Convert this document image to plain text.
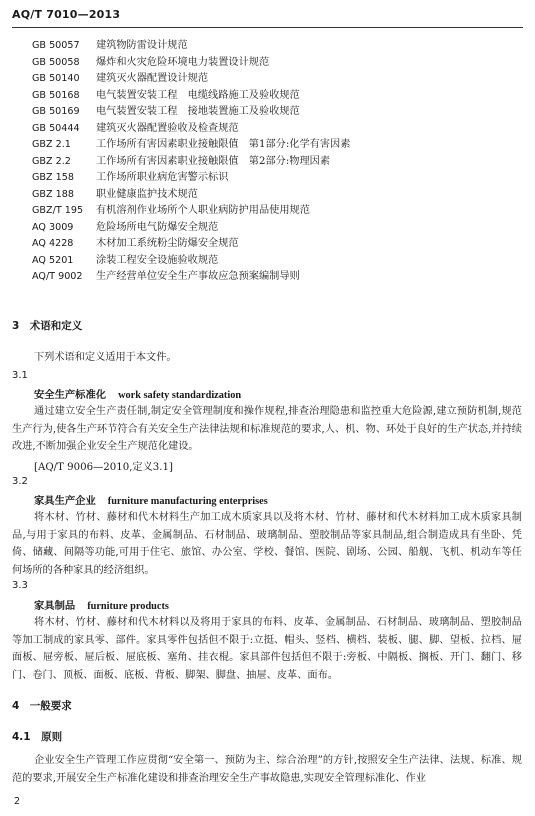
AQ/T 7010—2013
GB 50057 建筑物防雷设计规范
GB 50058 爆炸和火灾危险环境电力装置设计规范
GB 50140 建筑灭火器配置设计规范
GB 50168 电气装置安装工程　电缆线路施工及验收规范
GB 50169 电气装置安装工程　接地装置施工及验收规范
GB 50444 建筑灭火器配置验收及检查规范
GBZ 2.1 工作场所有害因素职业接触限值　第1部分:化学有害因素
GBZ 2.2 工作场所有害因素职业接触限值　第2部分:物理因素
GBZ 158 工作场所职业病危害警示标识
GBZ 188 职业健康监护技术规范
GBZ/T 195 有机溶剂作业场所个人职业病防护用品使用规范
AQ 3009 危险场所电气防爆安全规范
AQ 4228 木材加工系统粉尘防爆安全规范
AQ 5201 涂装工程安全设施验收规范
AQ/T 9002 生产经营单位安全生产事故应急预案编制导则
3　术语和定义
下列术语和定义适用于本文件。
3.1
安全生产标准化 work safety standardization
通过建立安全生产责任制,制定安全管理制度和操作规程,排查治理隐患和监控重大危险源,建立预防机制,规范生产行为,使各生产环节符合有关安全生产法律法规和标准规范的要求,人、机、物、环处于良好的生产状态,并持续改进,不断加强企业安全生产规范化建设。
[AQ/T 9006—2010,定义3.1]
3.2
家具生产企业 furniture manufacturing enterprises
将木材、竹材、藤材和代木材料生产加工成木质家具以及将木材、竹材、藤材和代木材料加工成木质家具制品,与用于家具的布料、皮革、金属制品、石材制品、玻璃制品、塑胶制品等家具制品,组合制造成具有坐卧、凭倚、储藏、间隔等功能,可用于住宅、旅馆、办公室、学校、餐馆、医院、剧场、公园、船舰、飞机、机动车等任何场所的各种家具的经济组织。
3.3
家具制品 furniture products
将木材、竹材、藤材和代木材料以及将用于家具的布料、皮革、金属制品、石材制品、玻璃制品、塑胶制品等加工制成的家具零、部件。家具零件包括但不限于:立挺、帽头、竖档、横档、装板、腿、脚、望板、拉档、屉面板、屉旁板、屉后板、屉底板、塞角、挂衣棍。家具部件包括但不限于:旁板、中隔板、搁板、开门、翻门、移门、卷门、顶板、面板、底板、背板、脚架、脚盘、抽屉、皮革、面布。
4　一般要求
4.1　原则
企业安全生产管理工作应贯彻“安全第一、预防为主、综合治理”的方针,按照安全生产法律、法规、标准、规范的要求,开展安全生产标准化建设和排查治理安全生产事故隐患,实现安全管理标准化、作业
2
